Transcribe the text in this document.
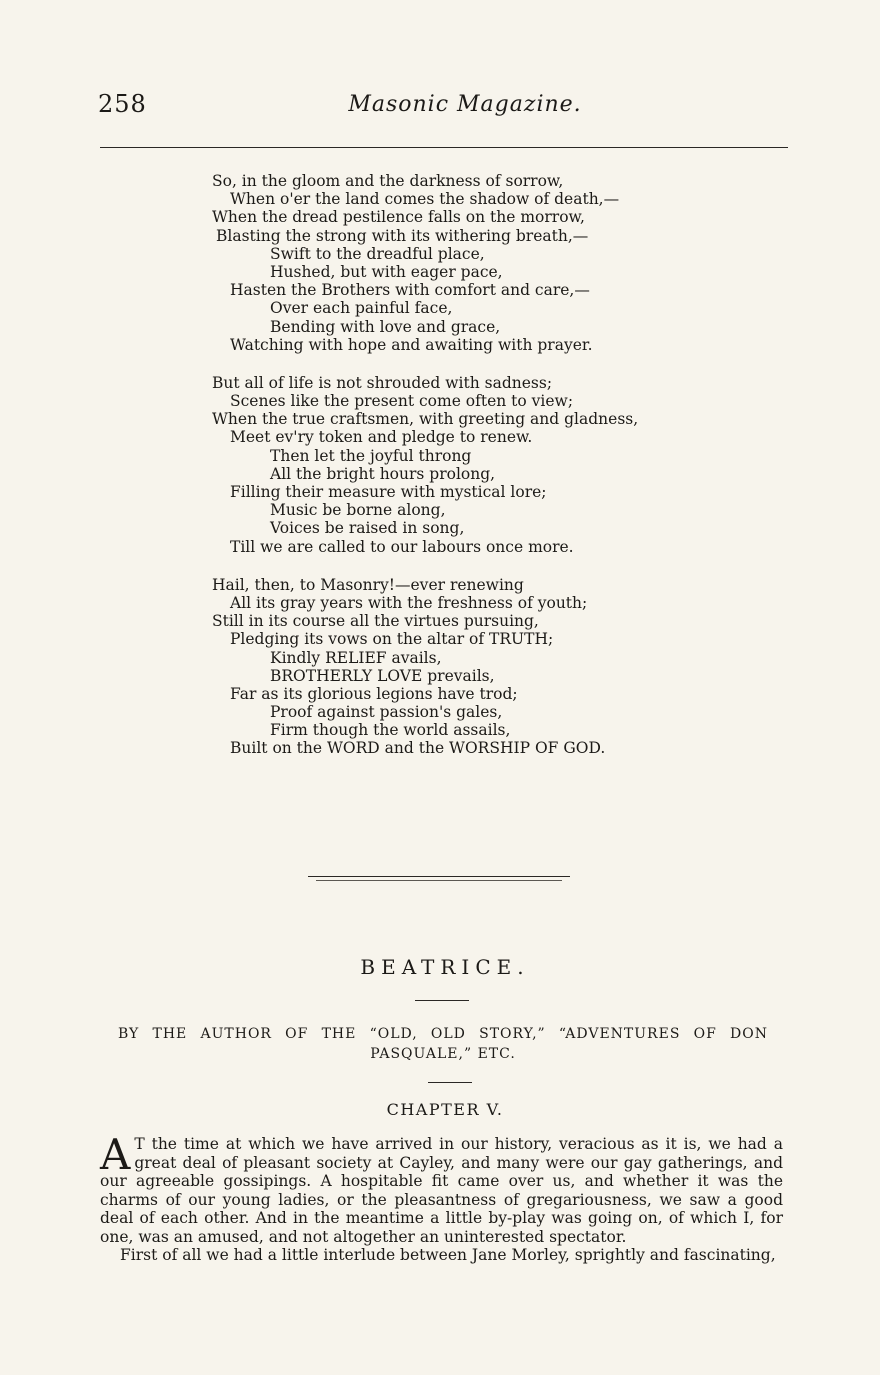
258	Masonic Magazine.
So, in the gloom and the darkness of sorrow,
When o'er the land comes the shadow of death,—
When the dread pestilence falls on the morrow,
Blasting the strong with its withering breath,—
Swift to the dreadful place,
Hushed, but with eager pace,
Hasten the Brothers with comfort and care,—
Over each painful face,
Bending with love and grace,
Watching with hope and awaiting with prayer.
But all of life is not shrouded with sadness;
Scenes like the present come often to view;
When the true craftsmen, with greeting and gladness,
Meet ev'ry token and pledge to renew.
Then let the joyful throng
All the bright hours prolong,
Filling their measure with mystical lore;
Music be borne along,
Voices be raised in song,
Till we are called to our labours once more.
Hail, then, to Masonry!—ever renewing
All its gray years with the freshness of youth;
Still in its course all the virtues pursuing,
Pledging its vows on the altar of TRUTH;
Kindly RELIEF avails,
BROTHERLY LOVE prevails,
Far as its glorious legions have trod;
Proof against passion's gales,
Firm though the world assails,
Built on the WORD and the WORSHIP OF GOD.
BEATRICE.
BY THE AUTHOR OF THE “OLD, OLD STORY,” “ADVENTURES OF DON PASQUALE,” ETC.
CHAPTER V.

A T the time at which we have arrived in our history, veracious as it is, we had a great deal of pleasant society at Cayley, and many were our gay gatherings, and our agreeable gossipings. A hospitable fit came over us, and whether it was the charms of our young ladies, or the pleasantness of gregariousness, we saw a good deal of each other. And in the meantime a little by-play was going on, of which I, for one, was an amused, and not altogether an uninterested spectator.

First of all we had a little interlude between Jane Morley, sprightly and fascinating,
